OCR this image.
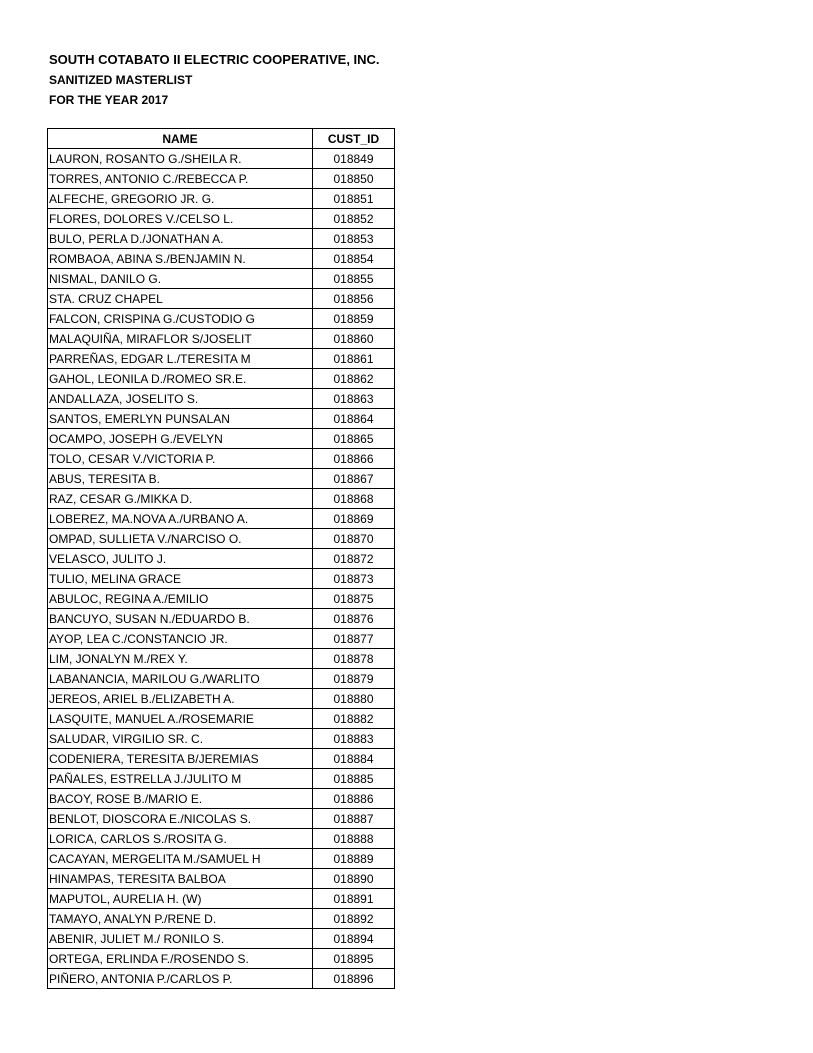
SOUTH COTABATO II ELECTRIC COOPERATIVE, INC.
SANITIZED MASTERLIST
FOR THE YEAR 2017
NAME	CUST_ID
LAURON, ROSANTO G./SHEILA R.	018849
TORRES, ANTONIO C./REBECCA P.	018850
ALFECHE, GREGORIO JR. G.	018851
FLORES, DOLORES V./CELSO L.	018852
BULO, PERLA D./JONATHAN A.	018853
ROMBAOA, ABINA S./BENJAMIN N.	018854
NISMAL, DANILO G.	018855
STA. CRUZ CHAPEL	018856
FALCON, CRISPINA G./CUSTODIO G	018859
MALAQUIÑA, MIRAFLOR S/JOSELIT	018860
PARREÑAS, EDGAR L./TERESITA M	018861
GAHOL, LEONILA D./ROMEO SR.E.	018862
ANDALLAZA, JOSELITO S.	018863
SANTOS, EMERLYN PUNSALAN	018864
OCAMPO, JOSEPH G./EVELYN	018865
TOLO, CESAR V./VICTORIA P.	018866
ABUS, TERESITA B.	018867
RAZ, CESAR G./MIKKA D.	018868
LOBEREZ, MA.NOVA A./URBANO A.	018869
OMPAD, SULLIETA V./NARCISO O.	018870
VELASCO, JULITO J.	018872
TULIO, MELINA GRACE	018873
ABULOC, REGINA A./EMILIO	018875
BANCUYO, SUSAN N./EDUARDO B.	018876
AYOP, LEA C./CONSTANCIO JR.	018877
LIM, JONALYN M./REX Y.	018878
LABANANCIA, MARILOU G./WARLITO	018879
JEREOS, ARIEL B./ELIZABETH A.	018880
LASQUITE, MANUEL A./ROSEMARIE	018882
SALUDAR, VIRGILIO SR. C.	018883
CODENIERA, TERESITA B/JEREMIAS	018884
PAÑALES, ESTRELLA J./JULITO M	018885
BACOY, ROSE B./MARIO E.	018886
BENLOT, DIOSCORA E./NICOLAS S.	018887
LORICA, CARLOS S./ROSITA G.	018888
CACAYAN, MERGELITA M./SAMUEL H	018889
HINAMPAS, TERESITA BALBOA	018890
MAPUTOL, AURELIA H. (W)	018891
TAMAYO, ANALYN P./RENE D.	018892
ABENIR, JULIET M./ RONILO S.	018894
ORTEGA, ERLINDA F./ROSENDO S.	018895
PIÑERO, ANTONIA P./CARLOS P.	018896
